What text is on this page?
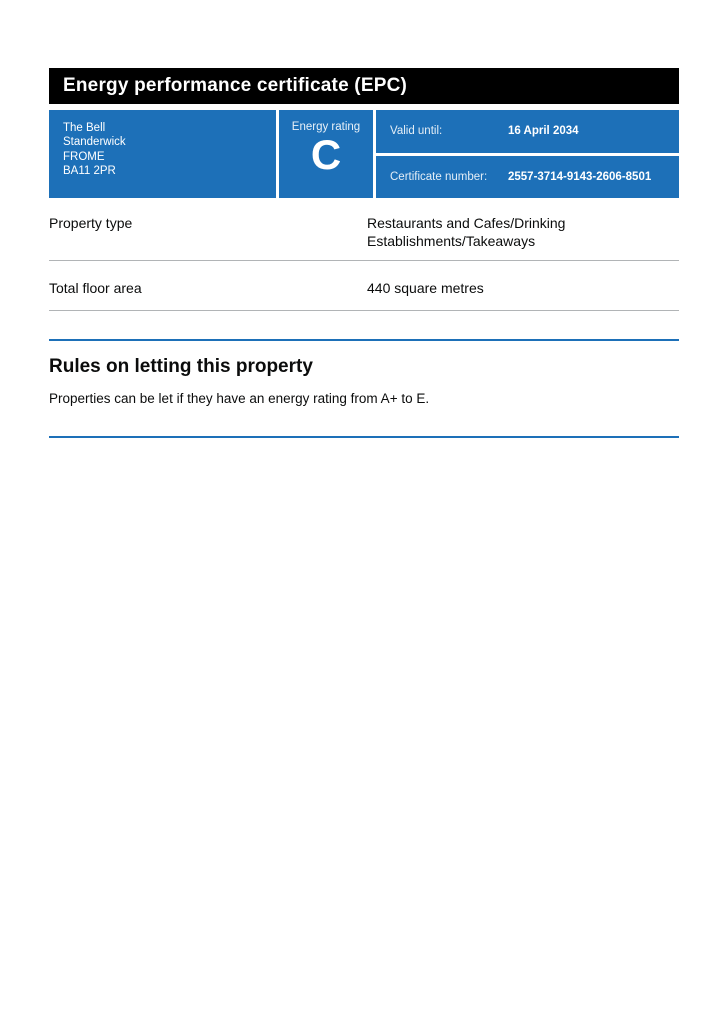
Energy performance certificate (EPC)
The Bell
Standerwick
FROME
BA11 2PR
Energy rating
C	Valid until:	16 April 2034
Certificate number:	2557-3714-9143-2606-8501
Property type	Restaurants and Cafes/Drinking Establishments/Takeaways
Total floor area	440 square metres
Rules on letting this property

Properties can be let if they have an energy rating from A+ to E.
